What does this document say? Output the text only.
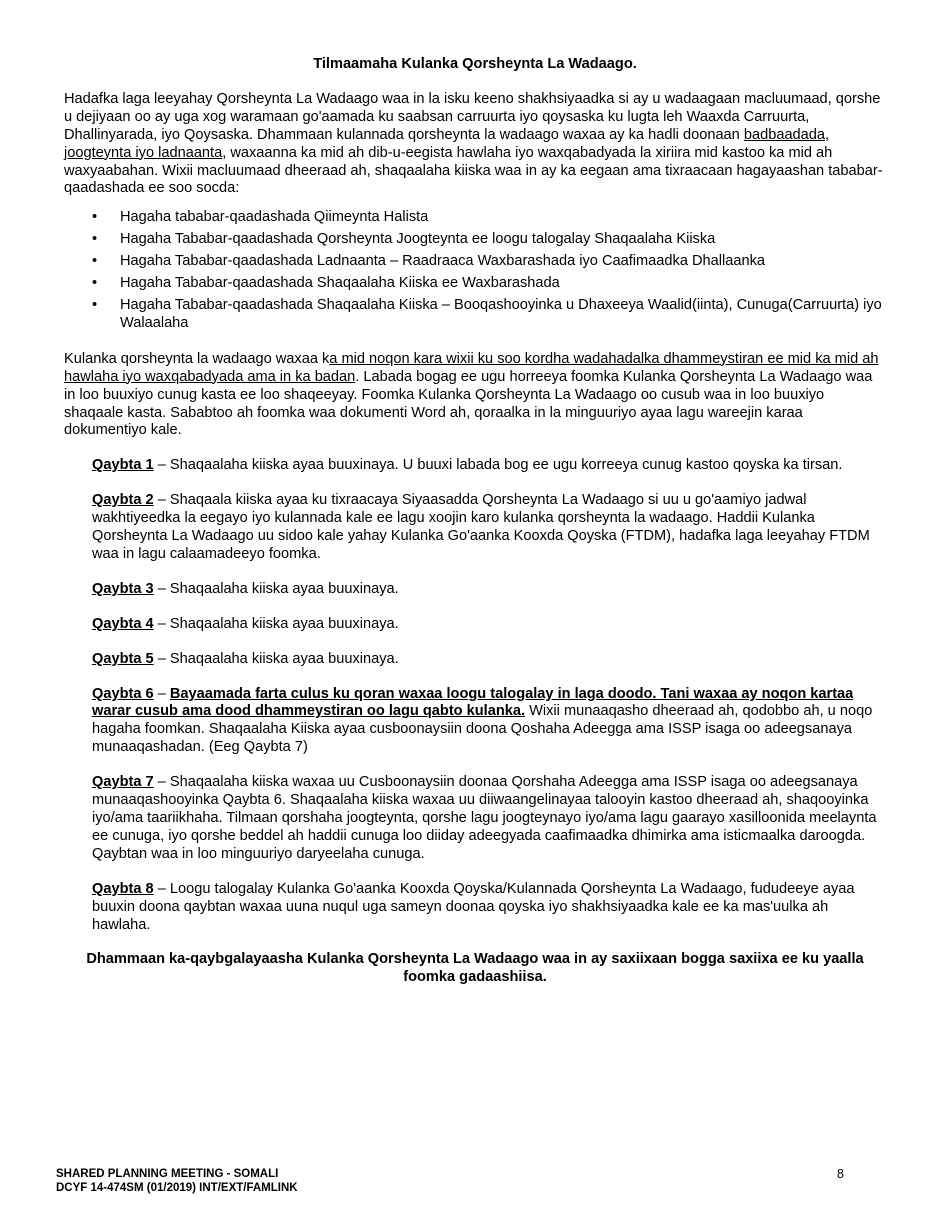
Tilmaamaha Kulanka Qorsheynta La Wadaago.

Hadafka laga leeyahay Qorsheynta La Wadaago waa in la isku keeno shakhsiyaadka si ay u wadaagaan macluumaad, qorshe u dejiyaan oo ay uga xog waramaan go'aamada ku saabsan carruurta iyo qoysaska ku lugta leh Waaxda Carruurta, Dhallinyarada, iyo Qoysaska. Dhammaan kulannada qorsheynta la wadaago waxaa ay ka hadli doonaan badbaadada, joogteynta iyo ladnaanta, waxaanna ka mid ah dib-u-eegista hawlaha iyo waxqabadyada la xiriira mid kastoo ka mid ah waxyaabahan. Wixii macluumaad dheeraad ah, shaqaalaha kiiska waa in ay ka eegaan ama tixraacaan hagayaashan tababar-qaadashada ee soo socda:

• Hagaha tababar-qaadashada Qiimeynta Halista
• Hagaha Tababar-qaadashada Qorsheynta Joogteynta ee loogu talogalay Shaqaalaha Kiiska
• Hagaha Tababar-qaadashada Ladnaanta – Raadraaca Waxbarashada iyo Caafimaadka Dhallaanka
• Hagaha Tababar-qaadashada Shaqaalaha Kiiska ee Waxbarashada
• Hagaha Tababar-qaadashada Shaqaalaha Kiiska – Booqashooyinka u Dhaxeeya Waalid(iinta), Cunuga(Carruurta) iyo Walaalaha

Kulanka qorsheynta la wadaago waxaa ka mid noqon kara wixii ku soo kordha wadahadalka dhammeystiran ee mid ka mid ah hawlaha iyo waxqabadyada ama in ka badan. Labada bogag ee ugu horreeya foomka Kulanka Qorsheynta La Wadaago waa in loo buuxiyo cunug kasta ee loo shaqeeyay. Foomka Kulanka Qorsheynta La Wadaago oo cusub waa in loo buuxiyo shaqaale kasta. Sababtoo ah foomka waa dokumenti Word ah, qoraalka in la minguuriyo ayaa lagu wareejin karaa dokumentiyo kale.

Qaybta 1 – Shaqaalaha kiiska ayaa buuxinaya. U buuxi labada bog ee ugu korreeya cunug kastoo qoyska ka tirsan.

Qaybta 2 – Shaqaala kiiska ayaa ku tixraacaya Siyaasadda Qorsheynta La Wadaago si uu u go'aamiyo jadwal wakhtiyeedka la eegayo iyo kulannada kale ee lagu xoojin karo kulanka qorsheynta la wadaago. Haddii Kulanka Qorsheynta La Wadaago uu sidoo kale yahay Kulanka Go'aanka Kooxda Qoyska (FTDM), hadafka laga leeyahay FTDM waa in lagu calaamadeeyo foomka.

Qaybta 3 – Shaqaalaha kiiska ayaa buuxinaya.

Qaybta 4 – Shaqaalaha kiiska ayaa buuxinaya.

Qaybta 5 – Shaqaalaha kiiska ayaa buuxinaya.

Qaybta 6 – Bayaamada farta culus ku qoran waxaa loogu talogalay in laga doodo. Tani waxaa ay noqon kartaa warar cusub ama dood dhammeystiran oo lagu qabto kulanka. Wixii munaaqasho dheeraad ah, qodobbo ah, u noqo hagaha foomkan. Shaqaalaha Kiiska ayaa cusboonaysiin doona Qoshaha Adeegga ama ISSP isaga oo adeegsanaya munaaqashadan. (Eeg Qaybta 7)

Qaybta 7 – Shaqaalaha kiiska waxaa uu Cusboonaysiin doonaa Qorshaha Adeegga ama ISSP isaga oo adeegsanaya munaaqashooyinka Qaybta 6. Shaqaalaha kiiska waxaa uu diiwaangelinayaa talooyin kastoo dheeraad ah, shaqooyinka iyo/ama taariikhaha. Tilmaan qorshaha joogteynta, qorshe lagu joogteynayo iyo/ama lagu gaarayo xasilloonida meelaynta ee cunuga, iyo qorshe beddel ah haddii cunuga loo diiday adeegyada caafimaadka dhimirka ama isticmaalka daroogda. Qaybtan waa in loo minguuriyo daryeelaha cunuga.

Qaybta 8 – Loogu talogalay Kulanka Go'aanka Kooxda Qoyska/Kulannada Qorsheynta La Wadaago, fududeeye ayaa buuxin doona qaybtan waxaa uuna nuqul uga sameyn doonaa qoyska iyo shakhsiyaadka kale ee ka mas'uulka ah hawlaha.

Dhammaan ka-qaybgalayaasha Kulanka Qorsheynta La Wadaago waa in ay saxiixaan bogga saxiixa ee ku yaalla foomka gadaashiisa.

SHARED PLANNING MEETING - SOMALI
DCYF 14-474SM (01/2019) INT/EXT/FAMLINK
8
